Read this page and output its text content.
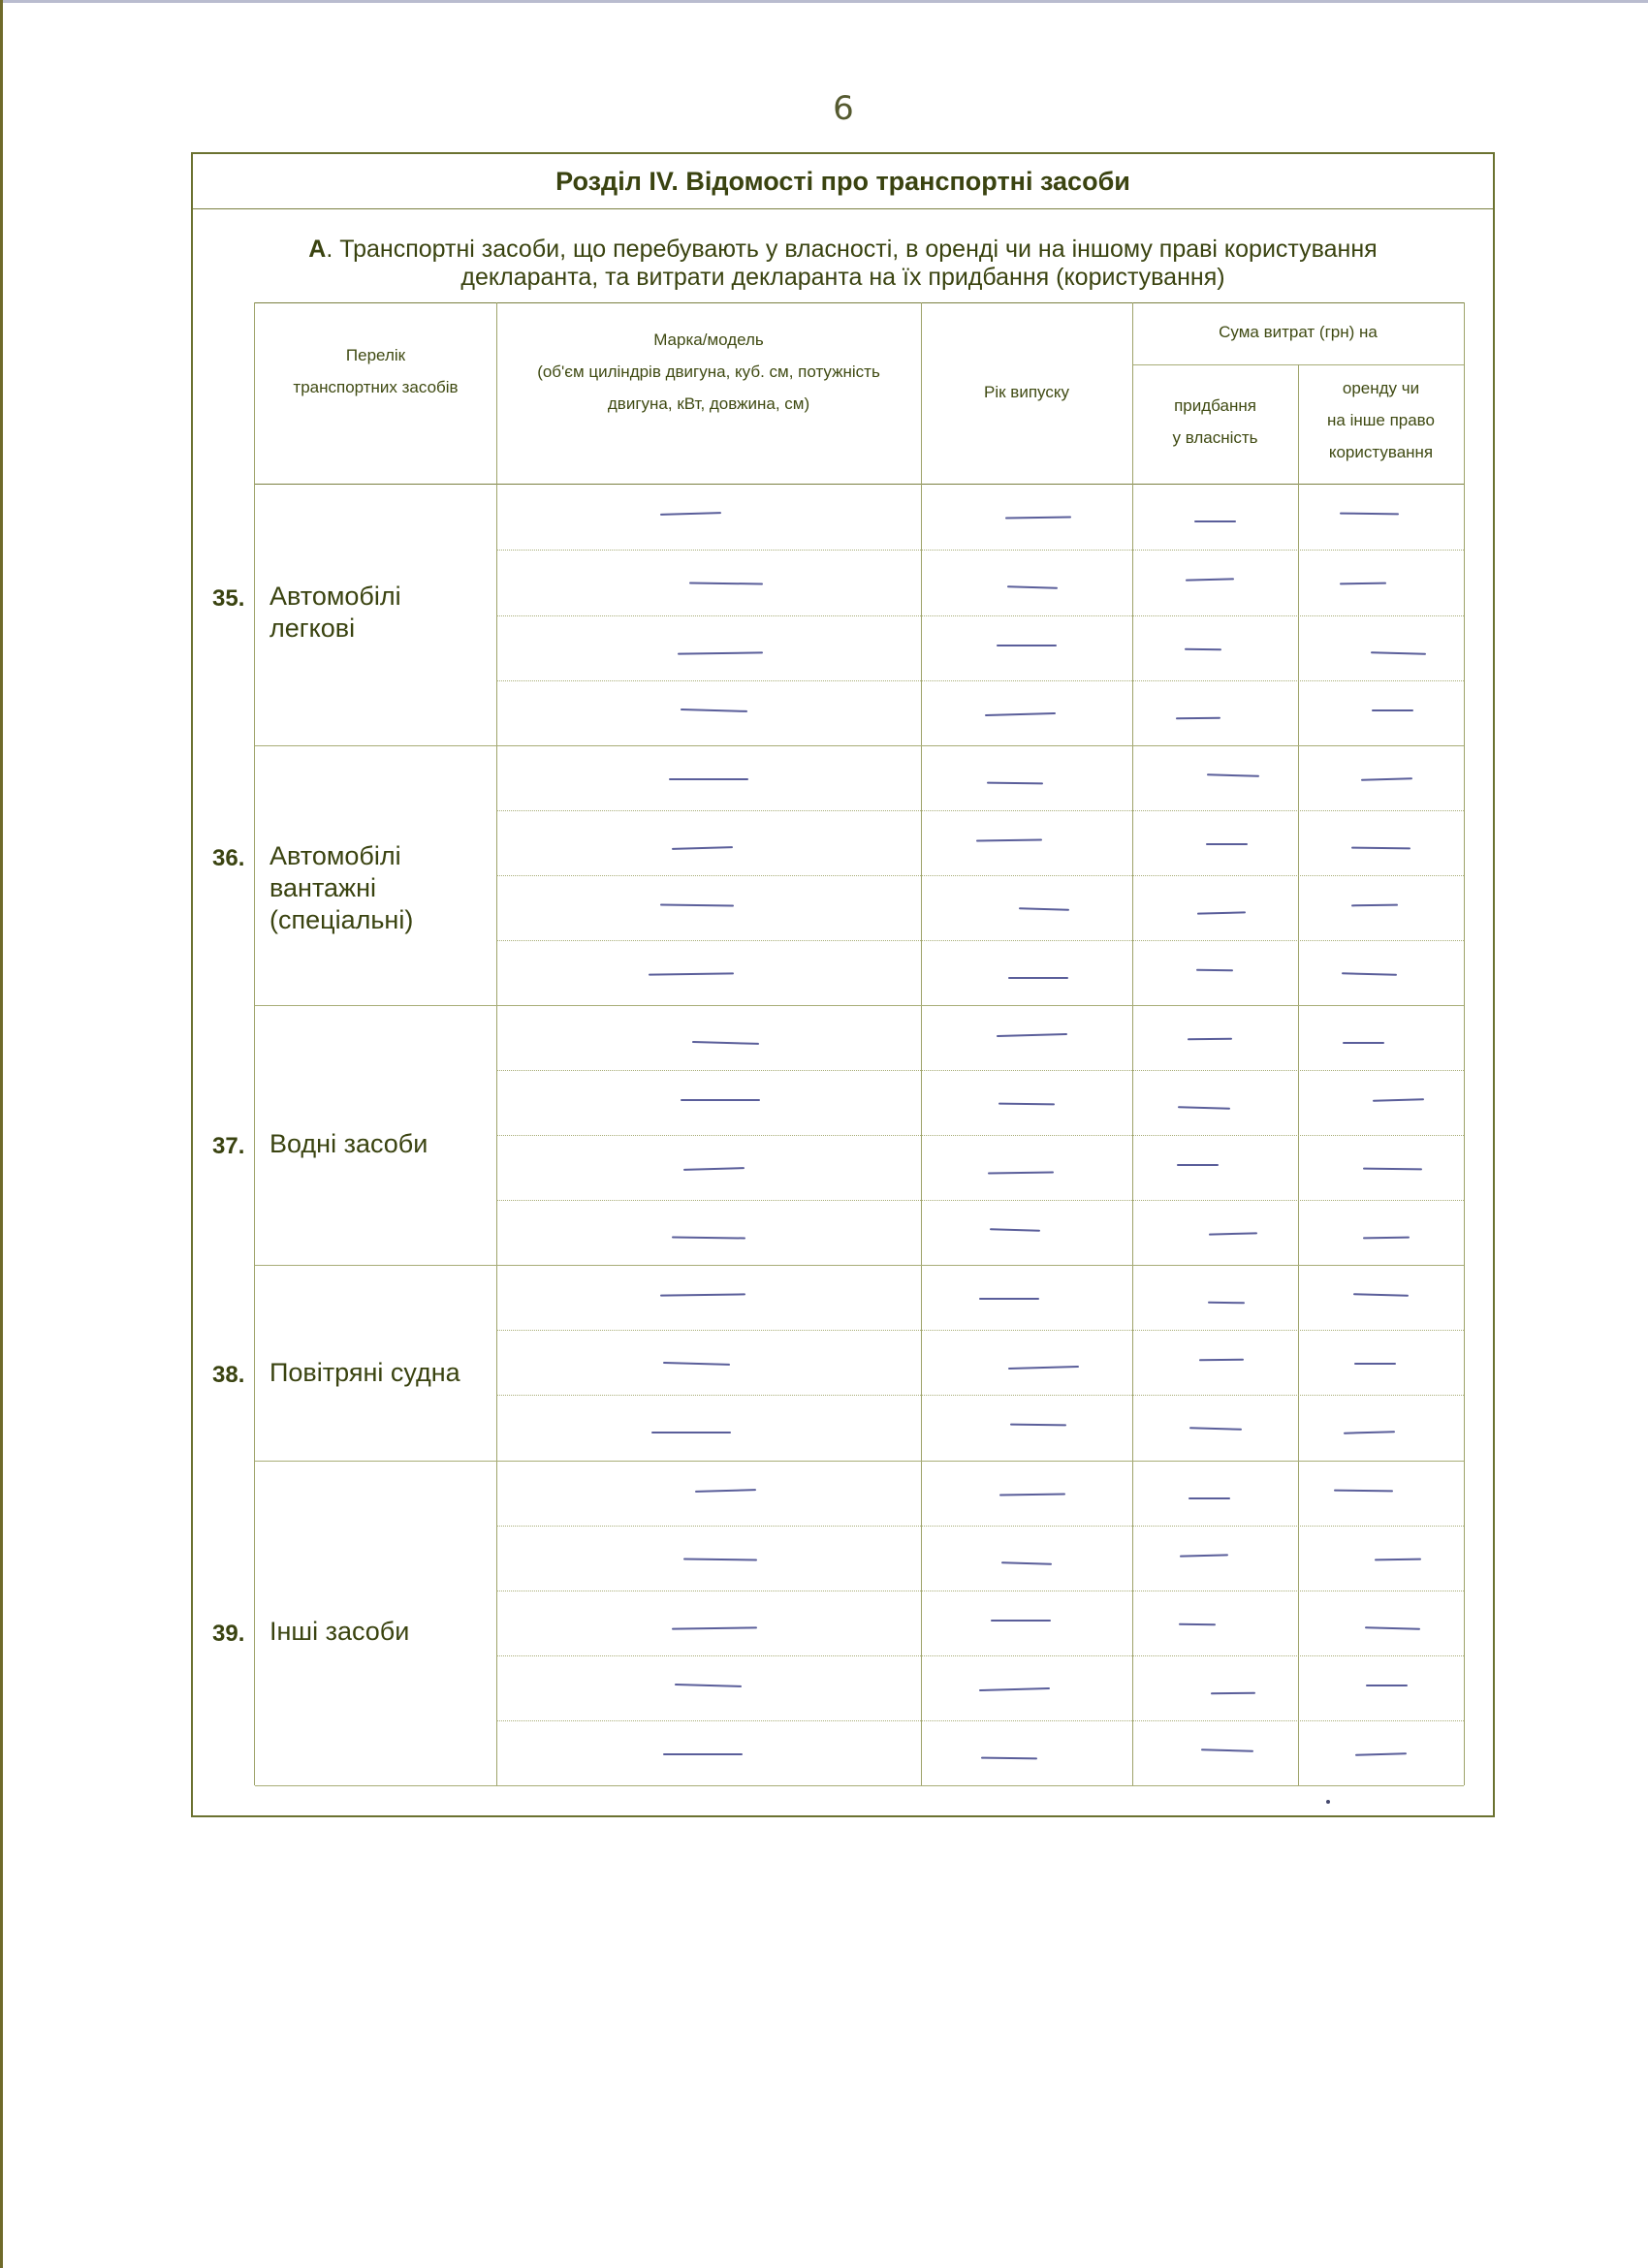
6
Розділ IV. Відомості про транспортні засоби
А. Транспортні засоби, що перебувають у власності, в оренді чи на іншому праві користування
декларанта, та витрати декларанта на їх придбання (користування)
Перелік
транспортних засобів
Марка/модель
(об'єм циліндрів двигуна, куб. см, потужність
двигуна, кВт, довжина, см)
Рік випуску
Сума витрат (грн) на
придбання
у власність
оренду чи
на інше право
користування
35. Автомобілі
легкові
36. Автомобілі
вантажні
(спеціальні)
37. Водні засоби
38. Повітряні судна
39. Інші засоби
